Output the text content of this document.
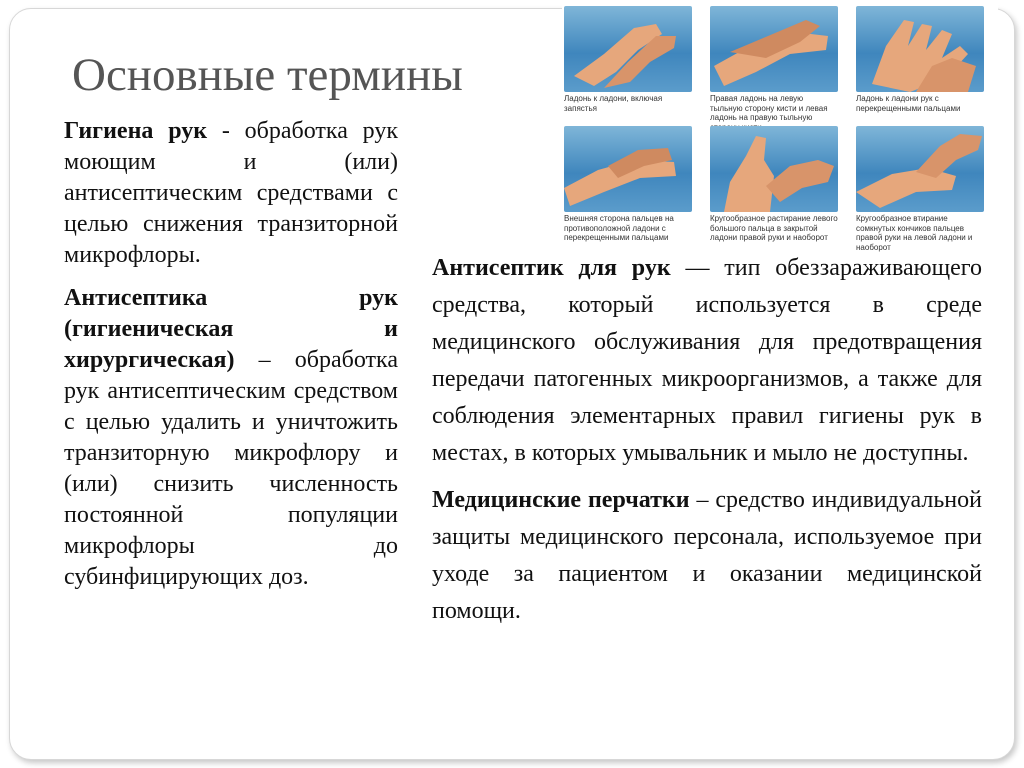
Основные термины

Гигиена рук - обработка рук моющим и (или) антисептическим средствами с целью снижения транзиторной микрофлоры.

Антисептика рук (гигиеническая и хирургическая) – обработка рук антисептическим средством с целью удалить и уничтожить транзиторную микрофлору и (или) снизить численность постоянной популяции микрофлоры до субинфицирующих доз.

Антисептик для рук — тип обеззараживающего средства, который используется в среде медицинского обслуживания для предотвращения передачи патогенных микроорганизмов, а также для соблюдения элементарных правил гигиены рук в местах, в которых умывальник и мыло не доступны.

Медицинские перчатки – средство индивидуальной защиты медицинского персонала, используемое при уходе за пациентом и оказании медицинской помощи.

Ладонь к ладони, включая запястья
Правая ладонь на левую тыльную сторону кисти и левая ладонь на правую тыльную
Ладонь к ладони рук с перекрещенными пальцами
Внешняя сторона пальцев на противоположной ладони с перекрещенными пальцами
Кругообразное растирание левого большого пальца в закрытой ладони правой руки и наоборот
Кругообразное втирание сомкнутых кончиков пальцев правой руки на левой ладони и наоборот
